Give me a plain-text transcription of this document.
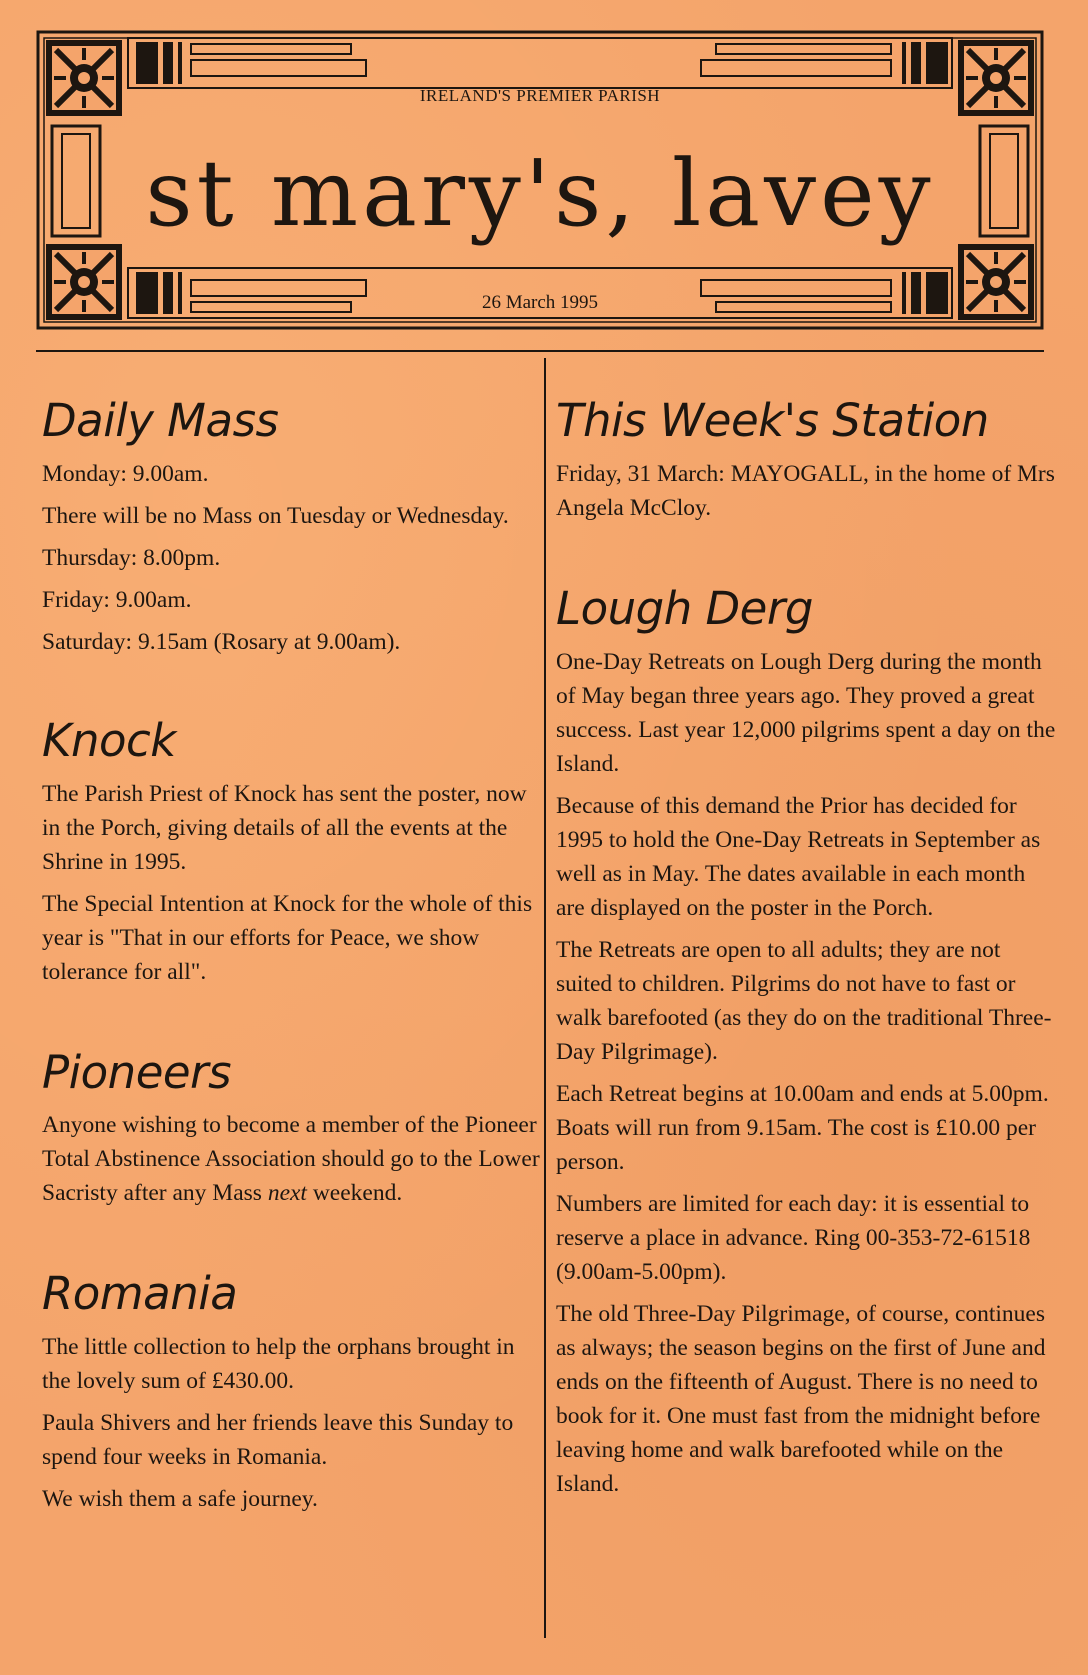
IRELAND'S PREMIER PARISH
st mary's, lavey
26 March 1995
Daily Mass

Monday: 9.00am.

There will be no Mass on Tuesday or Wednesday.

Thursday: 8.00pm.

Friday: 9.00am.

Saturday: 9.15am (Rosary at 9.00am).

Knock

The Parish Priest of Knock has sent the poster, now in the Porch, giving details of all the events at the Shrine in 1995.

The Special Intention at Knock for the whole of this year is "That in our efforts for Peace, we show tolerance for all".

Pioneers

Anyone wishing to become a member of the Pioneer Total Abstinence Association should go to the Lower Sacristy after any Mass next weekend.

Romania

The little collection to help the orphans brought in the lovely sum of £430.00.

Paula Shivers and her friends leave this Sunday to spend four weeks in Romania.

We wish them a safe journey.

This Week's Station

Friday, 31 March: MAYOGALL, in the home of Mrs Angela McCloy.

Lough Derg

One-Day Retreats on Lough Derg during the month of May began three years ago. They proved a great success. Last year 12,000 pilgrims spent a day on the Island.

Because of this demand the Prior has decided for 1995 to hold the One-Day Retreats in September as well as in May. The dates available in each month are displayed on the poster in the Porch.

The Retreats are open to all adults; they are not suited to children. Pilgrims do not have to fast or walk barefooted (as they do on the traditional Three-Day Pilgrimage).

Each Retreat begins at 10.00am and ends at 5.00pm. Boats will run from 9.15am. The cost is £10.00 per person.

Numbers are limited for each day: it is essential to reserve a place in advance. Ring 00-353-72-61518 (9.00am-5.00pm).

The old Three-Day Pilgrimage, of course, continues as always; the season begins on the first of June and ends on the fifteenth of August. There is no need to book for it. One must fast from the midnight before leaving home and walk barefooted while on the Island.
